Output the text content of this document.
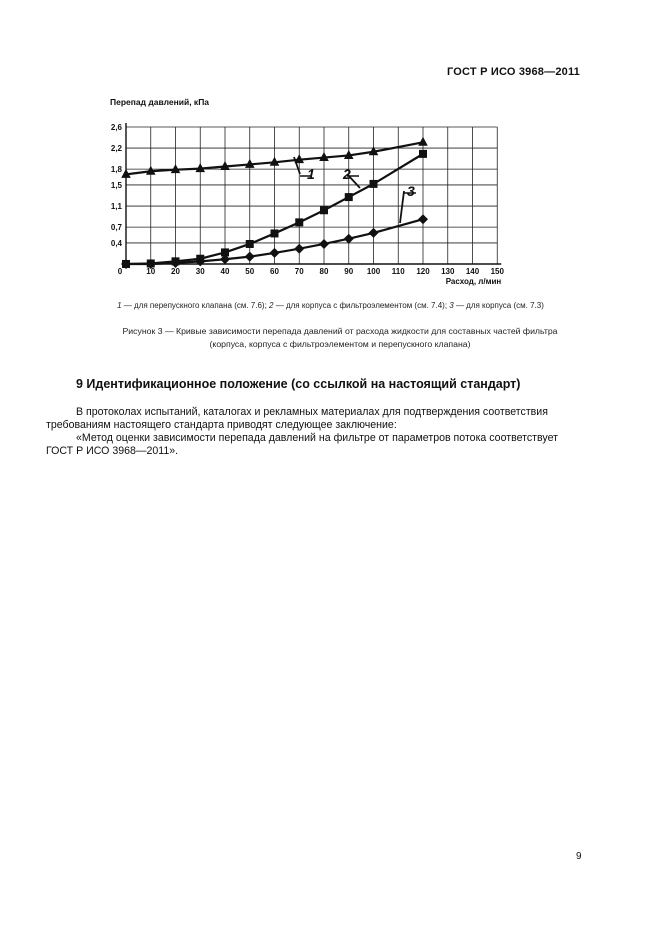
ГОСТ Р ИСО 3968—2011
0,4
0,7
1,1
1,5
1,8
2,2
2,6
0	10 20 30 40 50 60 70 80 90 100 110 120 130 140 150
Перепад давлений, кПа
Расход, л/мин
1 2
3
1 — для перепускного клапана (см. 7.6); 2 — для корпуса с фильтроэлементом (см. 7.4); 3 — для корпуса (см. 7.3)
Рисунок 3 — Кривые зависимости перепада давлений от расхода жидкости для составных частей фильтра
(корпуса, корпуса с фильтроэлементом и перепускного клапана)
9 Идентификационное положение (со ссылкой на настоящий стандарт)

В протоколах испытаний, каталогах и рекламных материалах для подтверждения соответствия требованиям настоящего стандарта приводят следующее заключение:

«Метод оценки зависимости перепада давлений на фильтре от параметров потока соответствует ГОСТ Р ИСО 3968—2011».

9
